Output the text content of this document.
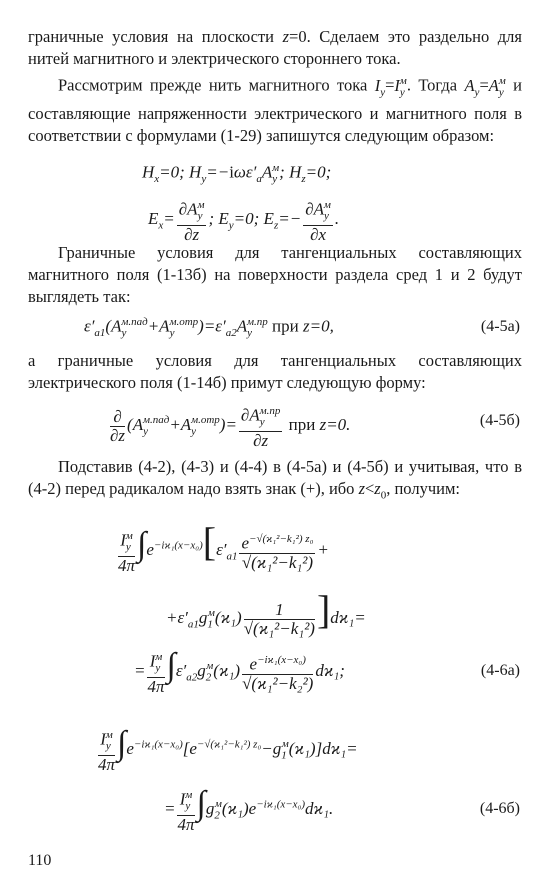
граничные условия на плоскости z=0. Сделаем это раздельно для нитей магнитного и электрического стороннего тока.

Рассмотрим прежде нить магнитного тока $I_y=I_y^м$. Тогда $A_y=A_y^м$ и составляющие напряженности электрического и магнитного поля в соответствии с формулами (1-29) запишутся следующим образом:

$H_x=0$; $H_y=-i\omega\varepsilon'_aA_y^м$; $H_z=0$;
$E_x= \frac{\partial A_y^м}{\partial z}$ ; $E_y=0$; $E_z=- \frac{\partial A_y^м}{\partial x}$ .

Граничные условия для тангенциальных составляющих магнитного поля (1-13б) на поверхности раздела сред 1 и 2 будут выглядеть так:

$\varepsilon'_{a1}(A_y^{м.пад}+A_y^{м.отр})=\varepsilon'_{a2}A_y^{м.пр}$ при z=0,	(4-5а)

а граничные условия для тангенциальных составляющих электрического поля (1-14б) примут следующую форму:

$\frac{\partial}{\partial z} (A_y^{м.пад}+A_y^{м.отр})= \frac{\partial A_y^{м.пр}}{\partial z}$ при z=0.	(4-5б)

Подставив (4-2), (4-3) и (4-4) в (4-5а) и (4-5б) и учитывая, что в (4-2) перед радикалом надо взять знак (+), ибо $z<z_0$, получим:

$\frac{I_y^м}{4\pi} \int e^{-iϰ_1(x-x_0)}[\varepsilon'_{a1} \frac{e^{-√(ϰ_1^2-k_1^2) z_0}}{\text{√(ϰ₁²−k₁²)}}$ +
$+\varepsilon'_{a1}g_1^м(ϰ_1) \frac{1}{\text{√(ϰ₁²−k₁²)}} ]dϰ_1=$
= $\frac{I_y^м}{4\pi} \int\varepsilon'_{a2}g_2^м(ϰ_1) \frac{e^{-iϰ_1(x-x_0)}}{\text{√(ϰ₁²−k₂²)}} dϰ_1$;	(4-6а)
$\frac{I_y^м}{4\pi} \int e^{-iϰ_1(x-x_0)}[e^{-√(ϰ_1^2-k_1^2) z_0}-g_1^м(ϰ_1)]dϰ_1=$
= $\frac{I_y^м}{4\pi} \int g_2^м(ϰ_1)e^{-iϰ_1(x-x_0)}dϰ_1$.	(4-6б)
110
